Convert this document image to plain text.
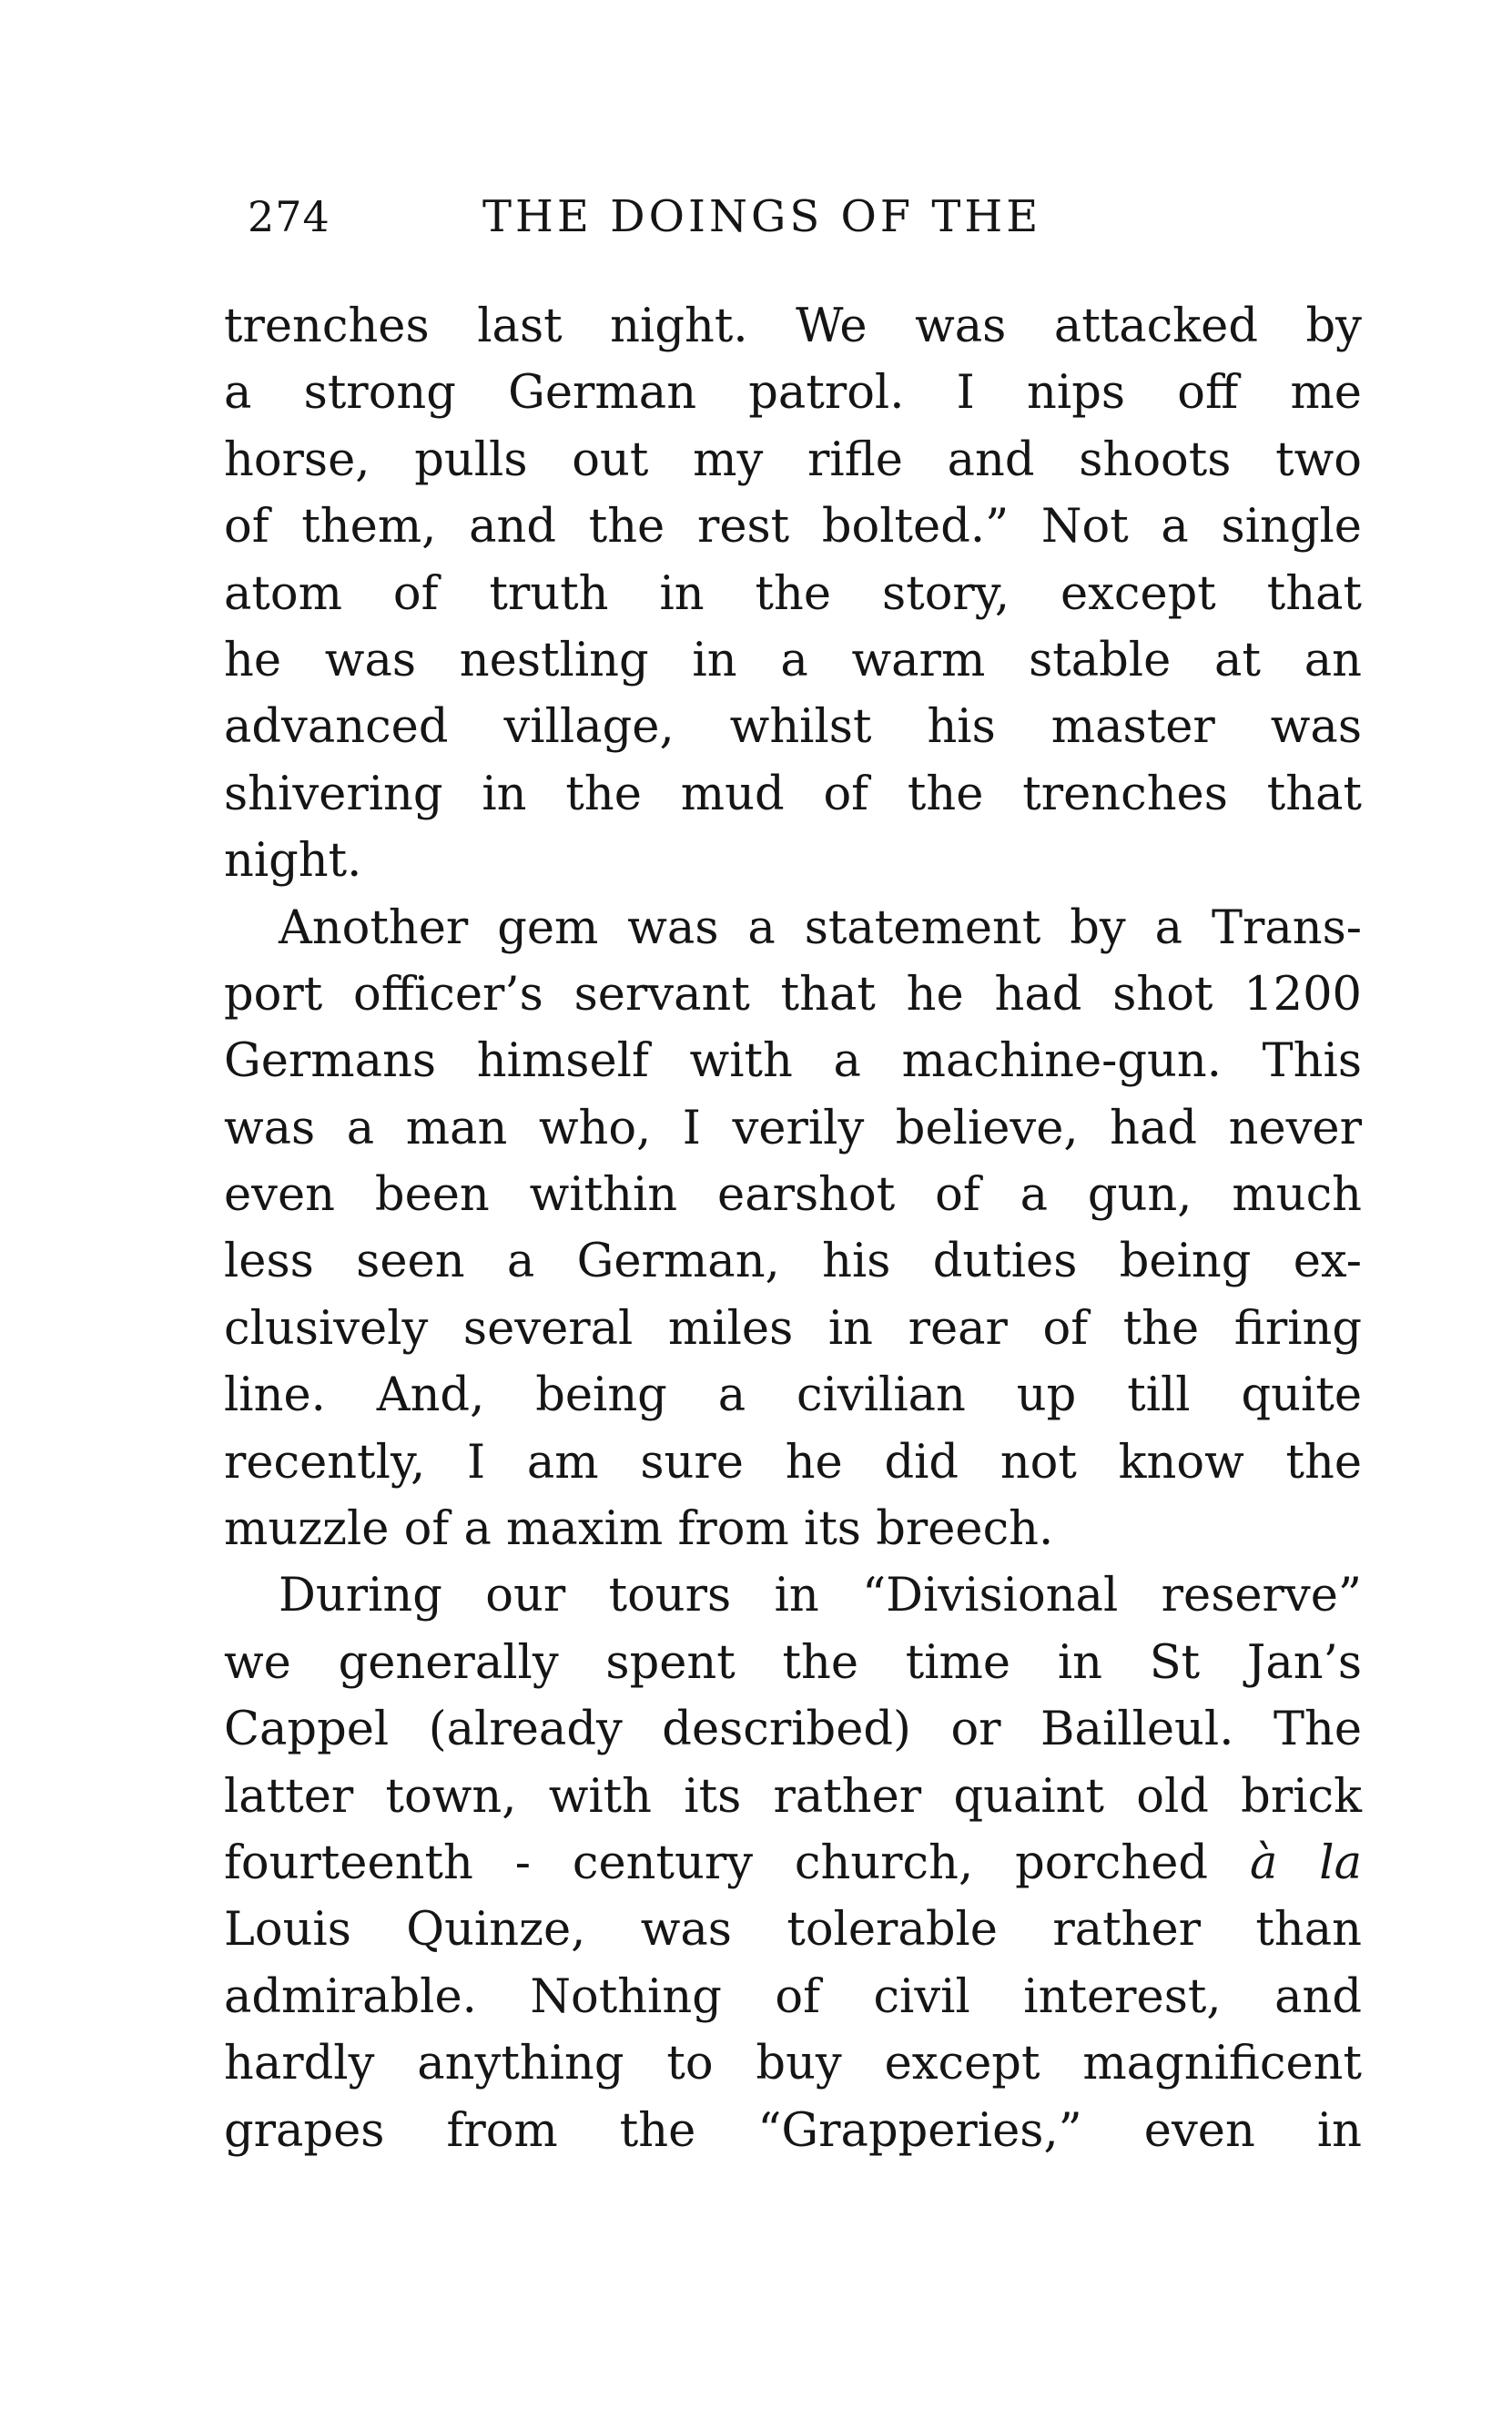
274	THE DOINGS OF THE
trenches last night. We was attacked by
a strong German patrol. I nips off me
horse, pulls out my rifle and shoots two
of them, and the rest bolted.” Not a single
atom of truth in the story, except that
he was nestling in a warm stable at an
advanced village, whilst his master was
shivering in the mud of the trenches that
night.
Another gem was a statement by a Trans-
port officer’s servant that he had shot 1200
Germans himself with a machine-gun. This
was a man who, I verily believe, had never
even been within earshot of a gun, much
less seen a German, his duties being ex-
clusively several miles in rear of the firing
line. And, being a civilian up till quite
recently, I am sure he did not know the
muzzle of a maxim from its breech.
During our tours in “Divisional reserve”
we generally spent the time in St Jan’s
Cappel (already described) or Bailleul. The
latter town, with its rather quaint old brick
fourteenth - century church, porched à la
Louis Quinze, was tolerable rather than
admirable. Nothing of civil interest, and
hardly anything to buy except magnificent
grapes from the “Grapperies,” even in
